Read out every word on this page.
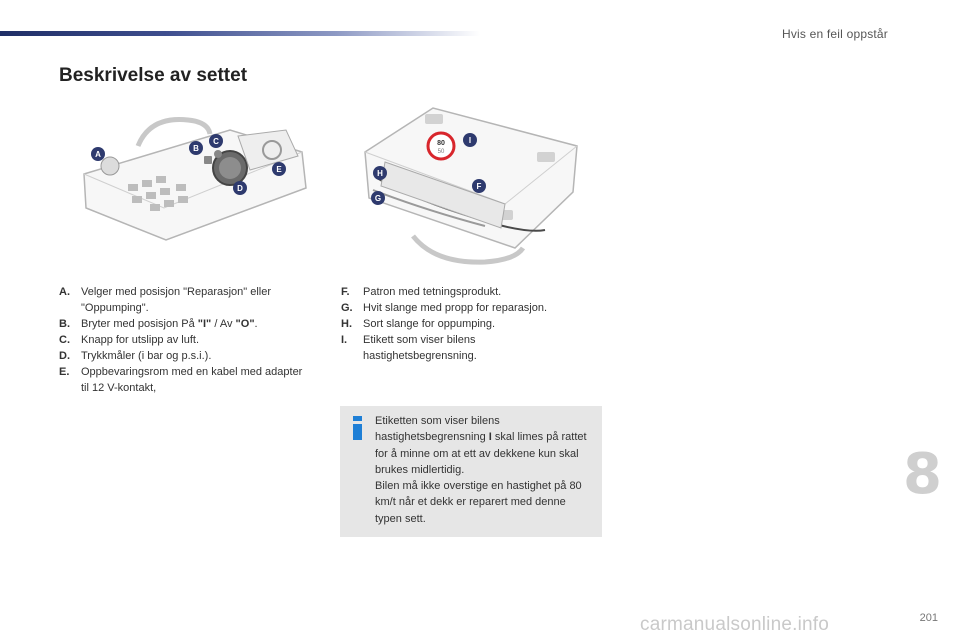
Hvis en feil oppstår
Beskrivelse av settet
A
B
C
D
E
80
50
I
H
F
G
A.	Velger med posisjon "Reparasjon" eller "Oppumping".
B.	Bryter med posisjon På "I" / Av "O".
C.	Knapp for utslipp av luft.
D.	Trykkmåler (i bar og p.s.i.).
E.	Oppbevaringsrom med en kabel med adapter til 12 V-kontakt,
F.	Patron med tetningsprodukt.
G. Hvit slange med propp for reparasjon.
H.	Sort slange for oppumping.
I.	Etikett som viser bilens hastighetsbegrensning.
Etiketten som viser bilens hastighetsbegrensning I skal limes på rattet for å minne om at ett av dekkene kun skal brukes midlertidig.
Bilen må ikke overstige en hastighet på 80 km/t når et dekk er reparert med denne typen sett.
8
carmanualsonline.info	201
